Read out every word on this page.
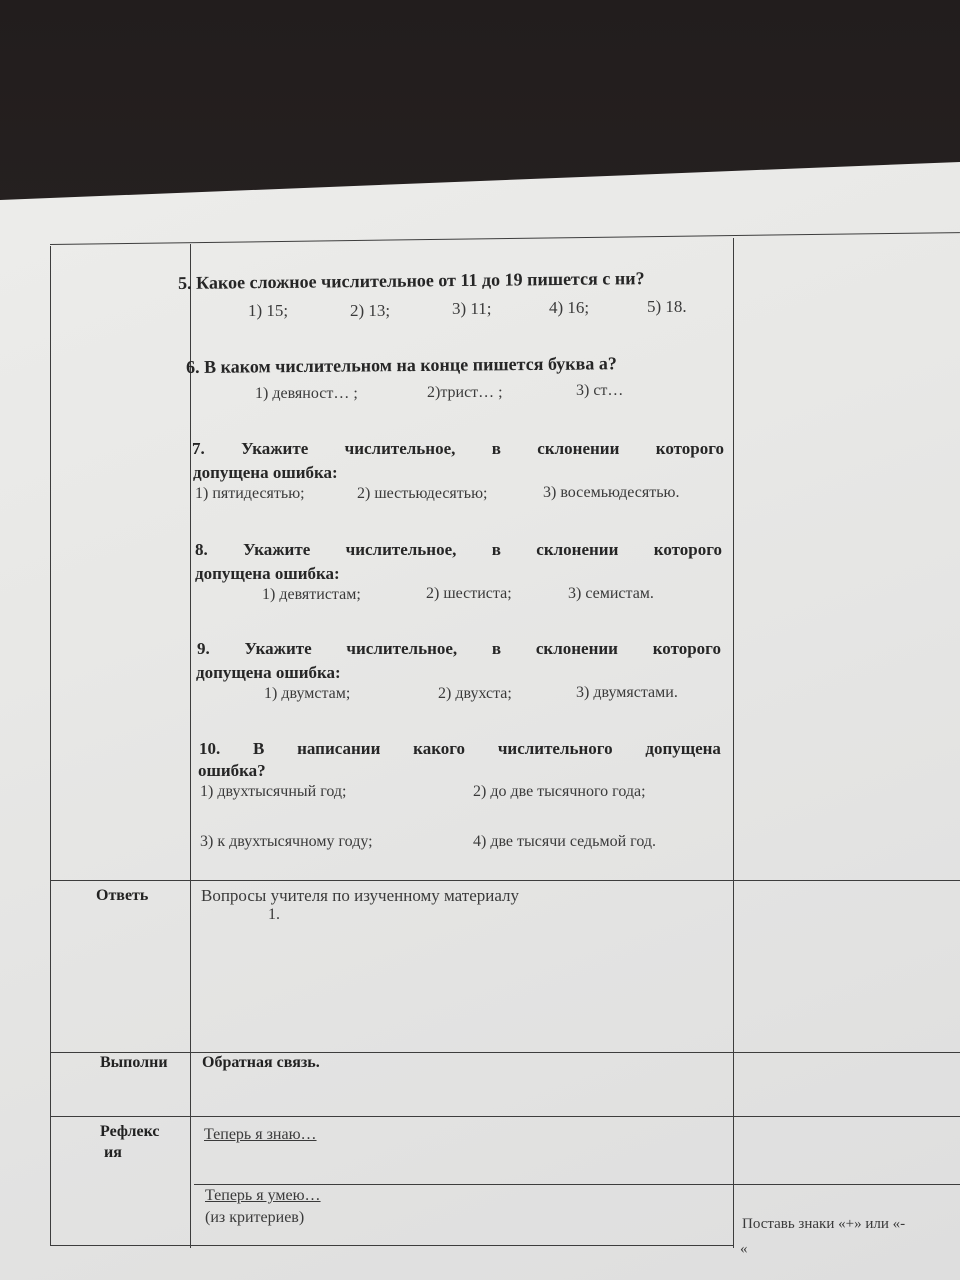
5. Какое сложное числительное от 11 до 19 пишется с ни?
1) 15;	2) 13;	3) 11;	4) 16;	5) 18.
6. В каком числительном на конце пишется буква а?
1) девяност… ;	2)трист… ;	3) ст…
7. Укажите числительное, в склонении которого
допущена ошибка:
1) пятидесятью;	2) шестьюдесятью;	3) восемьюдесятью.
8. Укажите числительное, в склонении которого
допущена ошибка:
1) девятистам;	2) шестиста;	3) семистам.
9. Укажите числительное, в склонении которого
допущена ошибка:
1) двумстам;	2) двухста;	3) двумястами.
10. В написании какого числительного допущена
ошибка?
1) двухтысячный год;	2) до две тысячного года;
3) к двухтысячному году;	4) две тысячи седьмой год.
Ответь	Вопросы учителя по изученному материалу
1.
Выполни Обратная связь.
Рефлекс
ия
Теперь я знаю…
Теперь я умею…
(из критериев)	Поставь знаки «+» или «-
«
